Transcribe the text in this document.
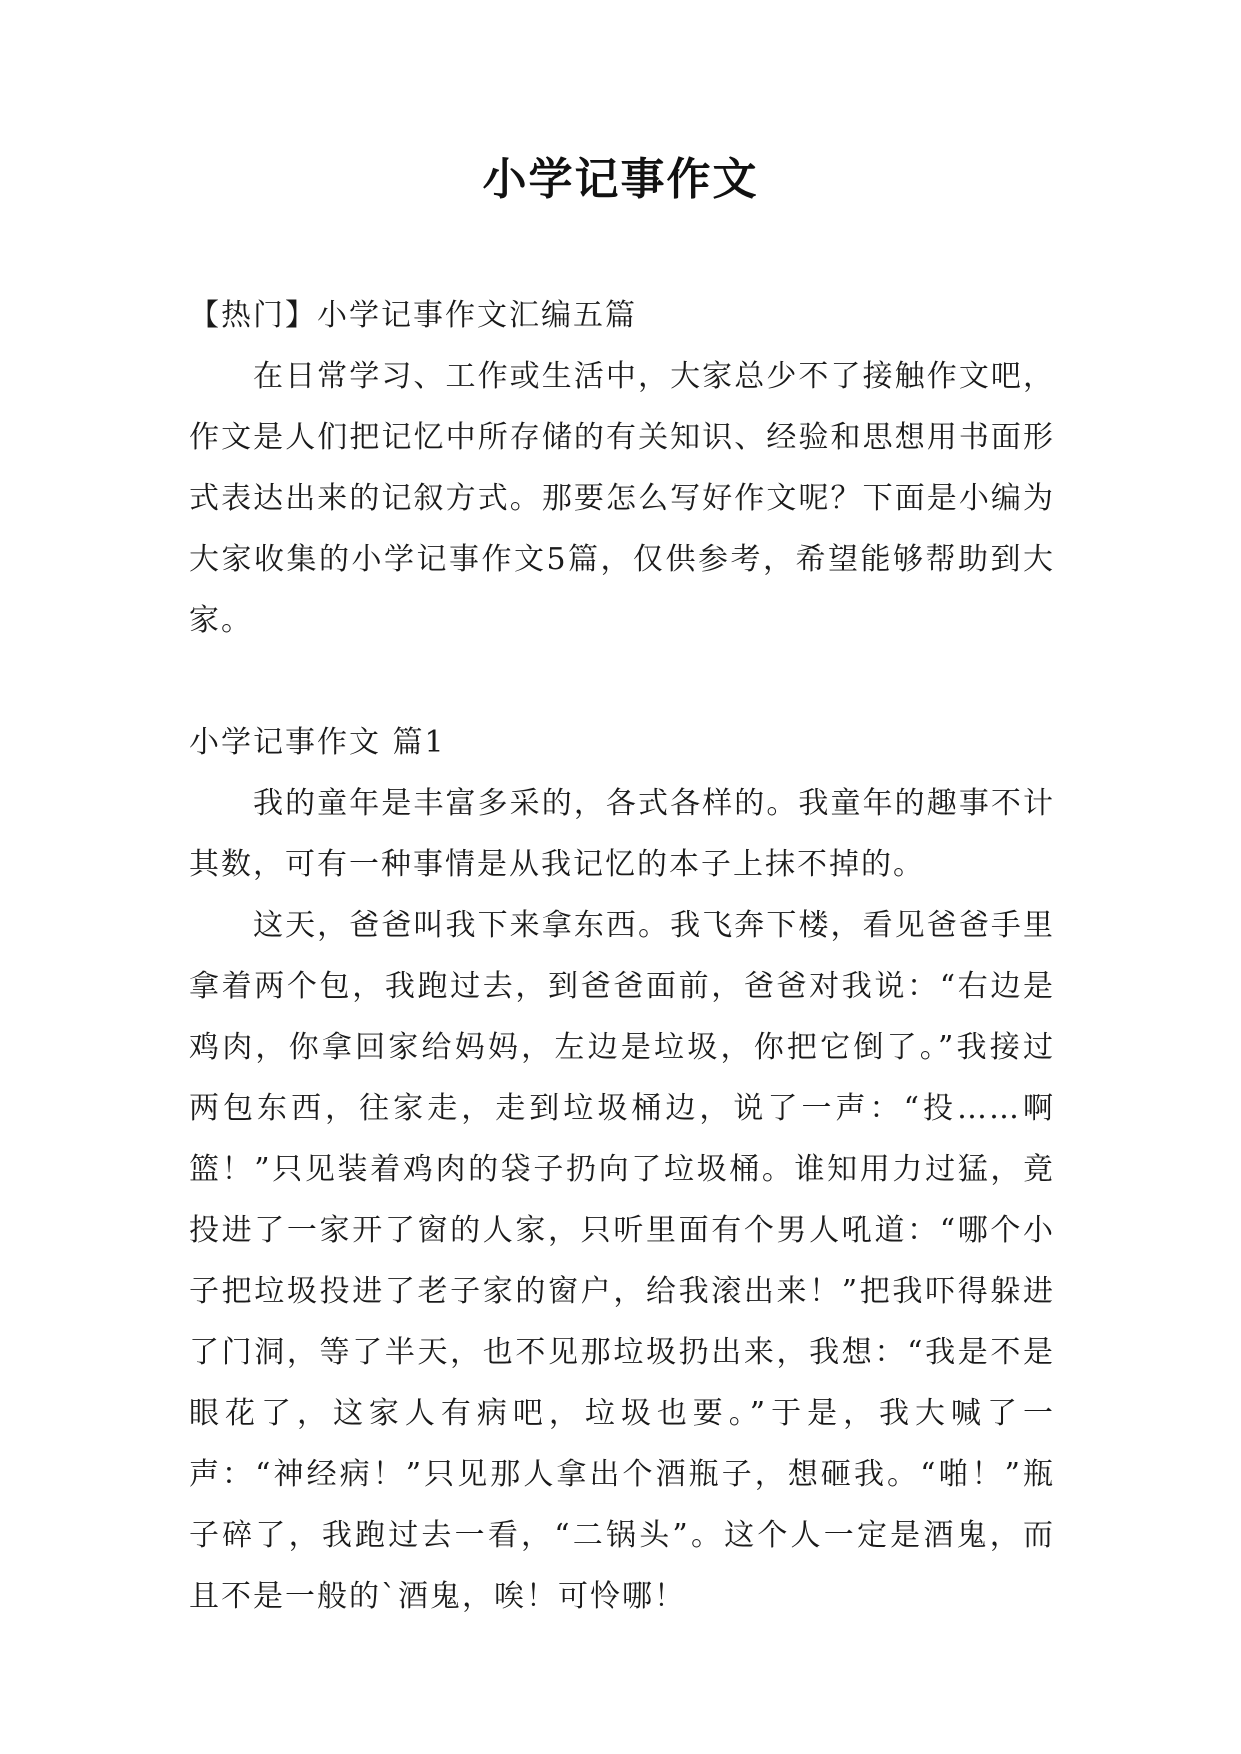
小学记事作文

【热门】小学记事作文汇编五篇

在日常学习、工作或生活中，大家总少不了接触作文吧，作文是人们把记忆中所存储的有关知识、经验和思想用书面形式表达出来的记叙方式。那要怎么写好作文呢？下面是小编为大家收集的小学记事作文5篇，仅供参考，希望能够帮助到大家。

小学记事作文 篇1

我的童年是丰富多采的，各式各样的。我童年的趣事不计其数，可有一种事情是从我记忆的本子上抹不掉的。

这天，爸爸叫我下来拿东西。我飞奔下楼，看见爸爸手里拿着两个包，我跑过去，到爸爸面前，爸爸对我说：“右边是鸡肉，你拿回家给妈妈，左边是垃圾，你把它倒了。”我接过两包东西，往家走，走到垃圾桶边，说了一声：“投……啊篮！”只见装着鸡肉的袋子扔向了垃圾桶。谁知用力过猛，竟投进了一家开了窗的人家，只听里面有个男人吼道：“哪个小子把垃圾投进了老子家的窗户，给我滚出来！”把我吓得躲进了门洞，等了半天，也不见那垃圾扔出来，我想：“我是不是眼花了，这家人有病吧，垃圾也要。”于是，我大喊了一声：“神经病！”只见那人拿出个酒瓶子，想砸我。“啪！”瓶子碎了，我跑过去一看，“二锅头”。这个人一定是酒鬼，而且不是一般的`酒鬼，唉！可怜哪！
